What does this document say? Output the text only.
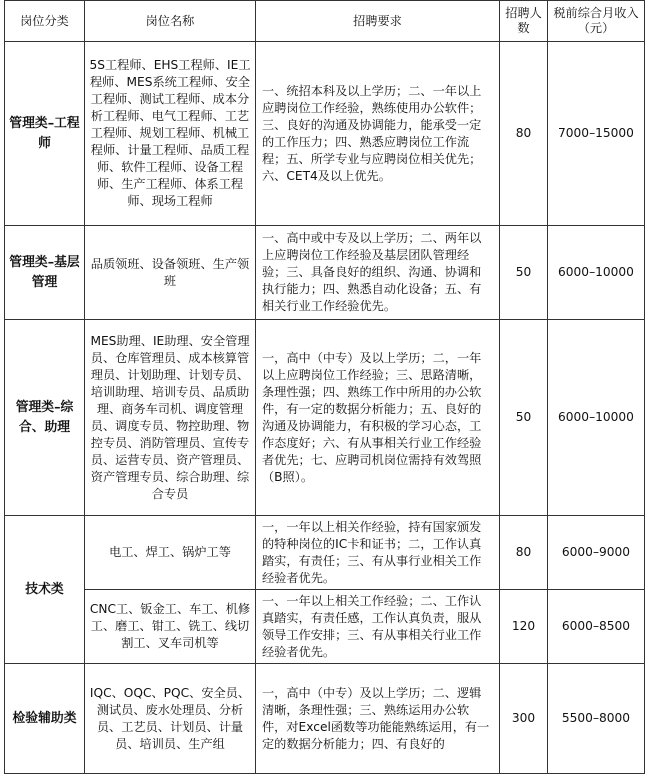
岗位分类	岗位名称	招聘要求	招聘人数	税前综合月收入（元）
管理类–工程师	5S工程师、EHS工程师、IE工程师、MES系统工程师、安全工程师、测试工程师、成本分析工程师、电气工程师、工艺工程师、规划工程师、机械工程师、计量工程师、品质工程师、软件工程师、设备工程师、生产工程师、体系工程师、现场工程师	一、统招本科及以上学历；二、一年以上应聘岗位工作经验，熟练使用办公软件；三、良好的沟通及协调能力，能承受一定的工作压力；四、熟悉应聘岗位工作流程；五、所学专业与应聘岗位相关优先；六、CET4及以上优先。	80	7000–15000
管理类–基层管理	品质领班、设备领班、生产领班	一、高中或中专及以上学历；二、两年以上应聘岗位工作经验及基层团队管理经验；三、具备良好的组织、沟通、协调和执行能力；四、熟悉自动化设备；五、有相关行业工作经验优先。	50	6000–10000
管理类–综合、助理	MES助理、IE助理、安全管理员、仓库管理员、成本核算管理员、计划助理、计划专员、培训助理、培训专员、品质助理、商务车司机、调度管理员、调度专员、物控助理、物控专员、消防管理员、宣传专员、运营专员、资产管理员、资产管理专员、综合助理、综合专员	一，高中（中专）及以上学历；二，一年以上应聘岗位工作经验；三、思路清晰，条理性强；四、熟练工作中所用的办公软件，有一定的数据分析能力；五、良好的沟通及协调能力，有积极的学习心态，工作态度好；六、有从事相关行业工作经验者优先；七、应聘司机岗位需持有效驾照（B照）。	50	6000–10000
技术类	电工、焊工、锅炉工等	一，一年以上相关作经验，持有国家颁发的特种岗位的IC卡和证书；二，工作认真踏实，有责任；三、有从事行业相关工作经验者优先。	80	6000–9000
	CNC工、钣金工、车工、机修工、磨工、钳工、铣工、线切割工、叉车司机等	一、一年以上相关工作经验；二、工作认真踏实，有责任感，工作认真负责，服从领导工作安排；三、有从事相关行业工作经验者优先。	120	6000–8500
检验辅助类	IQC、OQC、PQC、安全员、测试员、废水处理员、分析员、工艺员、计划员、计量员、培训员、生产组	一，高中（中专）及以上学历；二、逻辑清晰，条理性强；三、熟练运用办公软件，对Excel函数等功能能熟练运用，有一定的数据分析能力；四、有良好的	300	5500–8000
